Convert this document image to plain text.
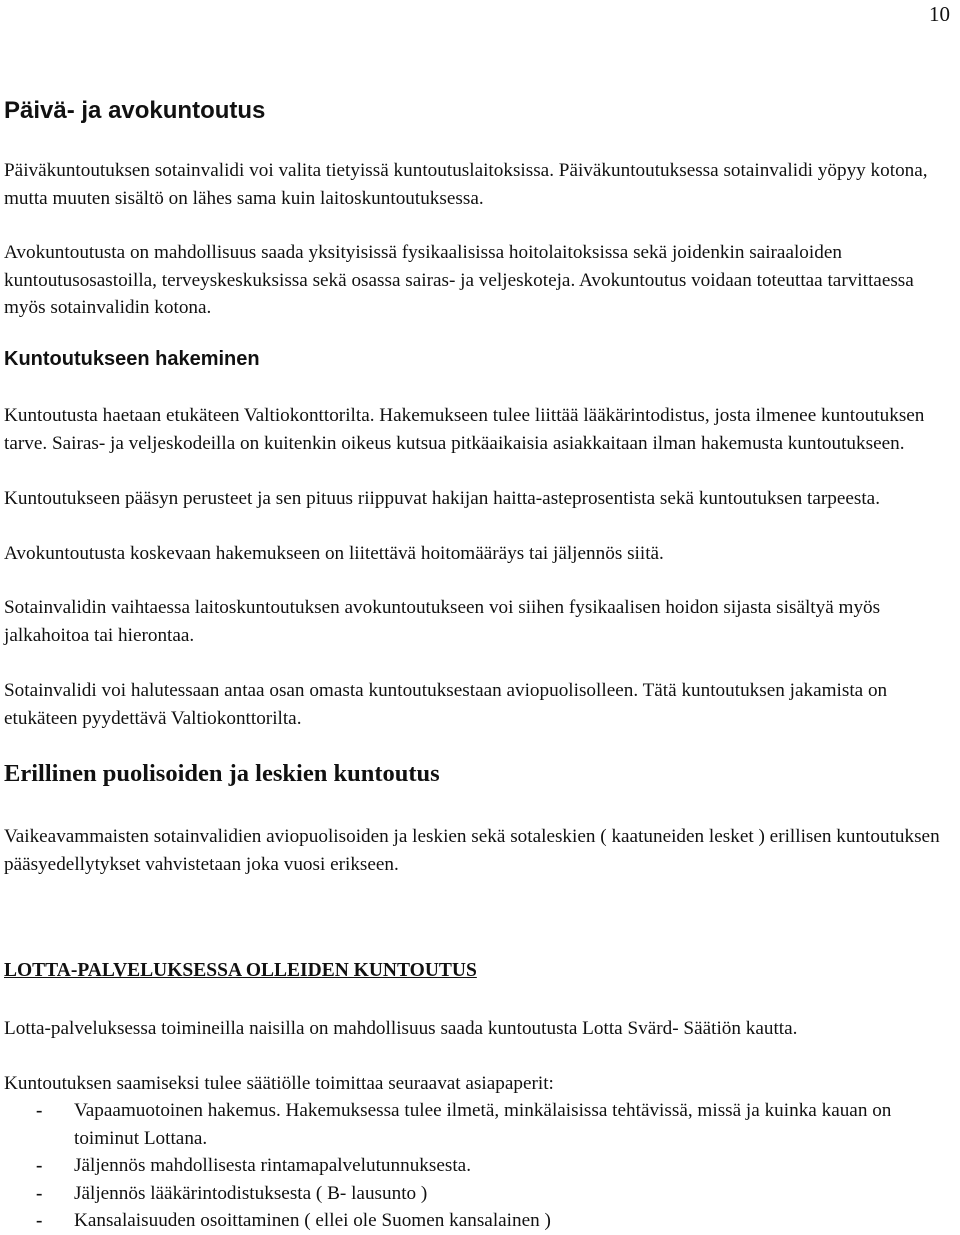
10
Päivä- ja avokuntoutus

Päiväkuntoutuksen sotainvalidi voi valita tietyissä kuntoutuslaitoksissa. Päiväkuntoutuksessa sotainvalidi yöpyy kotona, mutta muuten sisältö on lähes sama kuin laitoskuntoutuksessa.

Avokuntoutusta on mahdollisuus saada yksityisissä fysikaalisissa hoitolaitoksissa sekä joidenkin sairaaloiden kuntoutusosastoilla, terveyskeskuksissa sekä osassa sairas- ja veljeskoteja. Avokuntoutus voidaan toteuttaa tarvittaessa myös sotainvalidin kotona.

Kuntoutukseen hakeminen

Kuntoutusta haetaan etukäteen Valtiokonttorilta. Hakemukseen tulee liittää lääkärintodistus, josta ilmenee kuntoutuksen tarve. Sairas- ja veljeskodeilla on kuitenkin oikeus kutsua pitkäaikaisia asiakkaitaan ilman hakemusta kuntoutukseen.

Kuntoutukseen pääsyn perusteet ja sen pituus riippuvat hakijan haitta-asteprosentista sekä kuntoutuksen tarpeesta.

Avokuntoutusta koskevaan hakemukseen on liitettävä hoitomääräys tai jäljennös siitä.

Sotainvalidin vaihtaessa laitoskuntoutuksen avokuntoutukseen voi siihen fysikaalisen hoidon sijasta sisältyä myös jalkahoitoa tai hierontaa.

Sotainvalidi voi halutessaan antaa osan omasta kuntoutuksestaan aviopuolisolleen. Tätä kuntoutuksen jakamista on etukäteen pyydettävä Valtiokonttorilta.

Erillinen puolisoiden ja leskien kuntoutus

Vaikeavammaisten sotainvalidien aviopuolisoiden ja leskien sekä sotaleskien ( kaatuneiden lesket ) erillisen kuntoutuksen pääsyedellytykset vahvistetaan joka vuosi erikseen.

LOTTA-PALVELUKSESSA OLLEIDEN KUNTOUTUS

Lotta-palveluksessa toimineilla naisilla on mahdollisuus saada kuntoutusta Lotta Svärd- Säätiön kautta.

Kuntoutuksen saamiseksi tulee säätiölle toimittaa seuraavat asiapaperit:

- Vapaamuotoinen hakemus. Hakemuksessa tulee ilmetä, minkälaisissa tehtävissä, missä ja kuinka kauan on toiminut Lottana.
- Jäljennös mahdollisesta rintamapalvelutunnuksesta.
- Jäljennös lääkärintodistuksesta ( B- lausunto )
- Kansalaisuuden osoittaminen ( ellei ole Suomen kansalainen )
